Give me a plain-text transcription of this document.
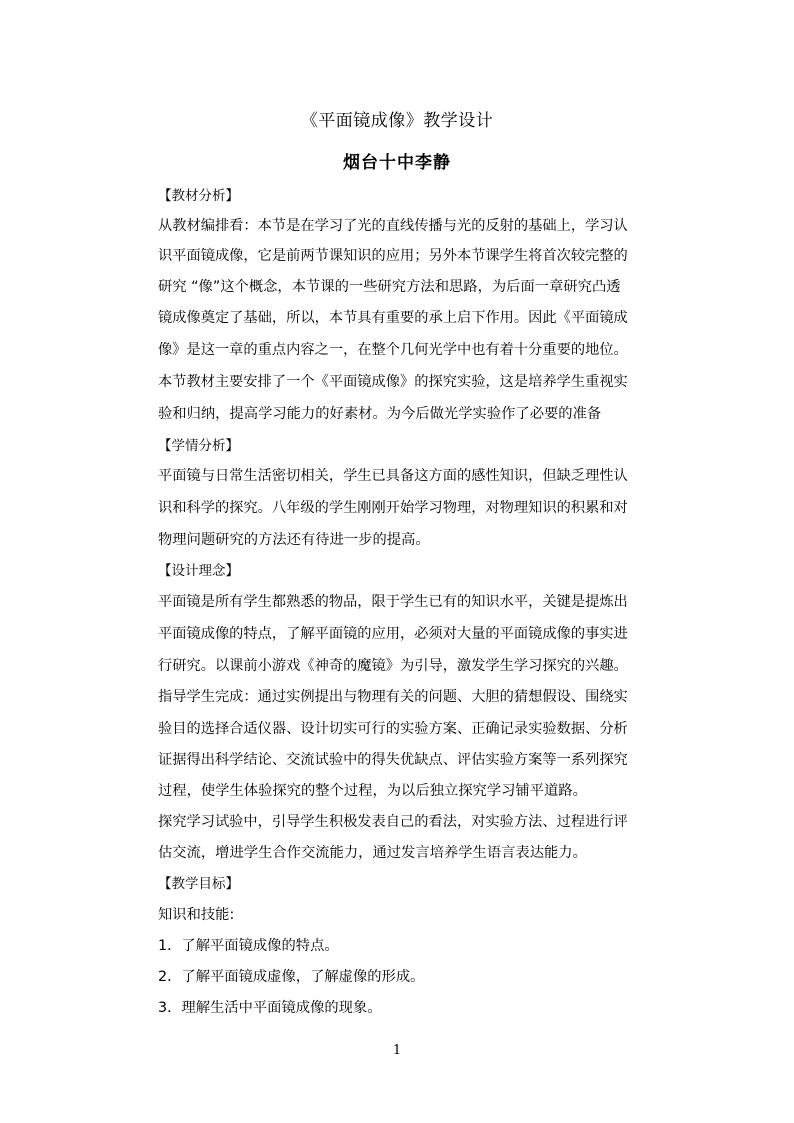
《平面镜成像》教学设计
烟台十中李静
【教材分析】
从教材编排看：本节是在学习了光的直线传播与光的反射的基础上，学习认
识平面镜成像，它是前两节课知识的应用；另外本节课学生将首次较完整的
研究 “像”这个概念，本节课的一些研究方法和思路，为后面一章研究凸透
镜成像奠定了基础，所以，本节具有重要的承上启下作用。因此《平面镜成
像》是这一章的重点内容之一，在整个几何光学中也有着十分重要的地位。
本节教材主要安排了一个《平面镜成像》的探究实验，这是培养学生重视实
验和归纳，提高学习能力的好素材。为今后做光学实验作了必要的准备
【学情分析】
平面镜与日常生活密切相关，学生已具备这方面的感性知识，但缺乏理性认
识和科学的探究。八年级的学生刚刚开始学习物理，对物理知识的积累和对
物理问题研究的方法还有待进一步的提高。
【设计理念】
平面镜是所有学生都熟悉的物品，限于学生已有的知识水平，关键是提炼出
平面镜成像的特点，了解平面镜的应用，必须对大量的平面镜成像的事实进
行研究。以课前小游戏《神奇的魔镜》为引导，激发学生学习探究的兴趣。
指导学生完成：通过实例提出与物理有关的问题、大胆的猜想假设、围绕实
验目的选择合适仪器、设计切实可行的实验方案、正确记录实验数据、分析
证据得出科学结论、交流试验中的得失优缺点、评估实验方案等一系列探究
过程，使学生体验探究的整个过程，为以后独立探究学习铺平道路。
探究学习试验中，引导学生积极发表自己的看法，对实验方法、过程进行评
估交流，增进学生合作交流能力，通过发言培养学生语言表达能力。
【教学目标】
知识和技能:
1．了解平面镜成像的特点。
2．了解平面镜成虚像，了解虚像的形成。
3．理解生活中平面镜成像的现象。
1
